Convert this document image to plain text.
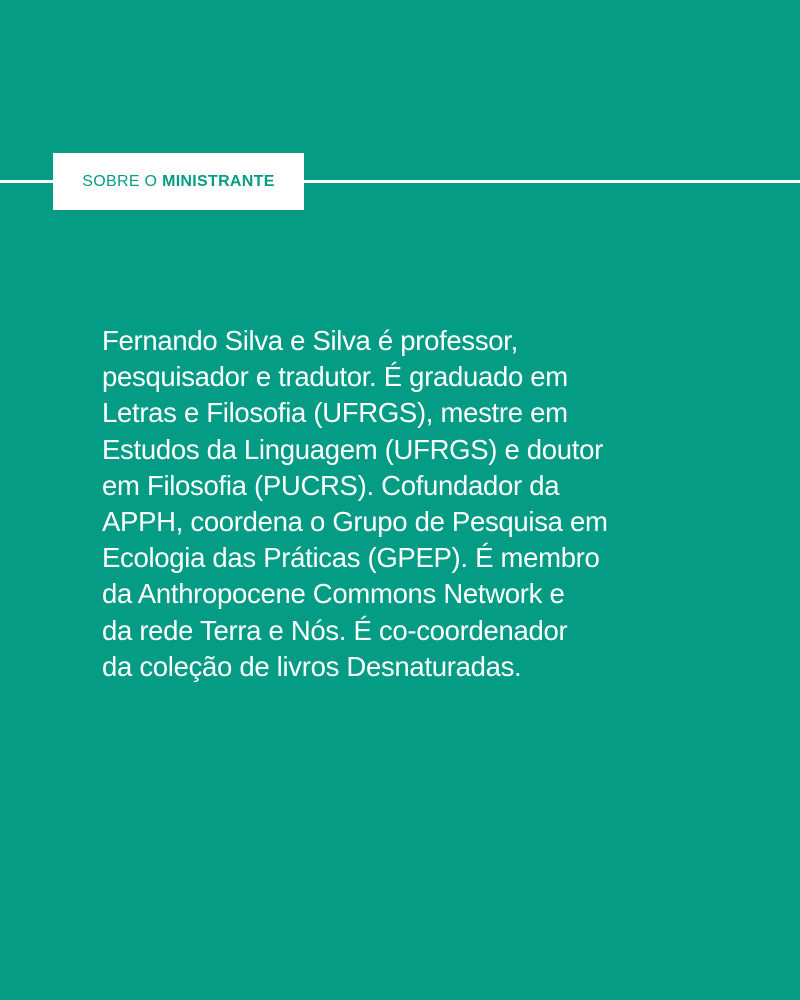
SOBRE O
MINISTRANTE

Fernando Silva e Silva é professor,
pesquisador e tradutor. É graduado em
Letras e Filosofia (UFRGS), mestre em
Estudos da Linguagem (UFRGS) e doutor
em Filosofia (PUCRS). Cofundador da
APPH, coordena o Grupo de Pesquisa em
Ecologia das Práticas (GPEP). É membro
da Anthropocene Commons Network e
da rede Terra e Nós. É co-coordenador
da coleção de livros Desnaturadas.
